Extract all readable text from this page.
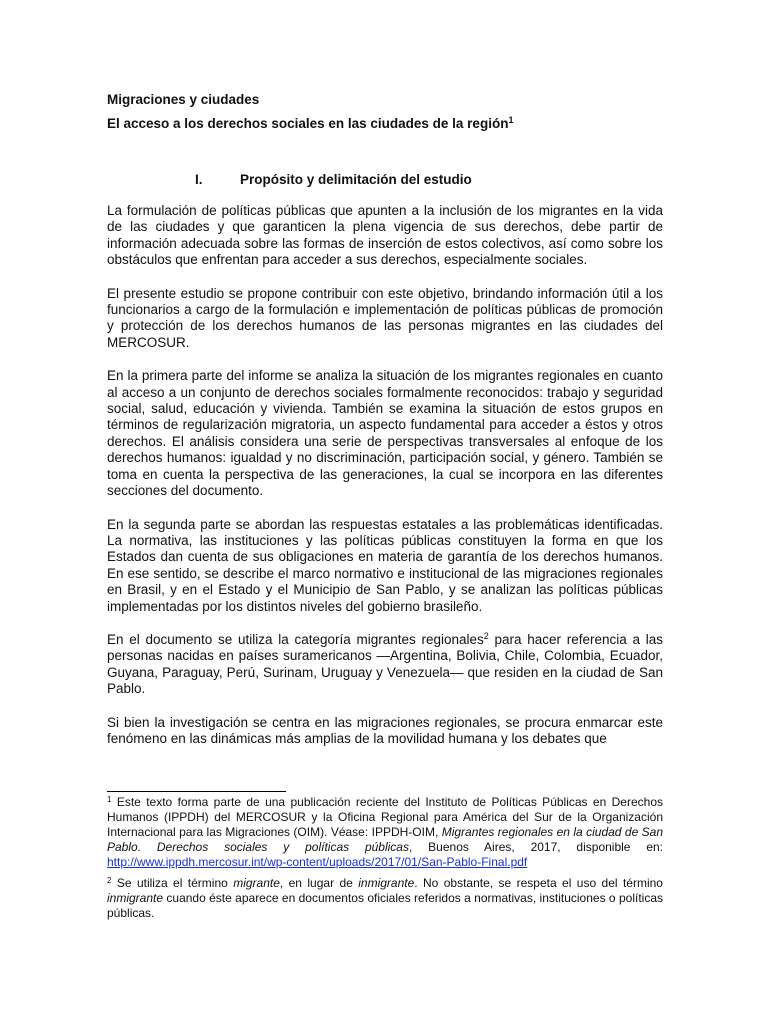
Migraciones y ciudades
El acceso a los derechos sociales en las ciudades de la región$^1$
I.	Propósito y delimitación del estudio

La formulación de políticas públicas que apunten a la inclusión de los migrantes en la vida de las ciudades y que garanticen la plena vigencia de sus derechos, debe partir de información adecuada sobre las formas de inserción de estos colectivos, así como sobre los obstáculos que enfrentan para acceder a sus derechos, especialmente sociales.

El presente estudio se propone contribuir con este objetivo, brindando información útil a los funcionarios a cargo de la formulación e implementación de políticas públicas de promoción y protección de los derechos humanos de las personas migrantes en las ciudades del MERCOSUR.

En la primera parte del informe se analiza la situación de los migrantes regionales en cuanto al acceso a un conjunto de derechos sociales formalmente reconocidos: trabajo y seguridad social, salud, educación y vivienda. También se examina la situación de estos grupos en términos de regularización migratoria, un aspecto fundamental para acceder a éstos y otros derechos. El análisis considera una serie de perspectivas transversales al enfoque de los derechos humanos: igualdad y no discriminación, participación social, y género. También se toma en cuenta la perspectiva de las generaciones, la cual se incorpora en las diferentes secciones del documento.

En la segunda parte se abordan las respuestas estatales a las problemáticas identificadas. La normativa, las instituciones y las políticas públicas constituyen la forma en que los Estados dan cuenta de sus obligaciones en materia de garantía de los derechos humanos. En ese sentido, se describe el marco normativo e institucional de las migraciones regionales en Brasil, y en el Estado y el Municipio de San Pablo, y se analizan las políticas públicas implementadas por los distintos niveles del gobierno brasileño.

En el documento se utiliza la categoría migrantes regionales$^2$ para hacer referencia a las personas nacidas en países suramericanos —Argentina, Bolivia, Chile, Colombia, Ecuador, Guyana, Paraguay, Perú, Surinam, Uruguay y Venezuela— que residen en la ciudad de San Pablo.

Si bien la investigación se centra en las migraciones regionales, se procura enmarcar este fenómeno en las dinámicas más amplias de la movilidad humana y los debates que

$^1$ Este texto forma parte de una publicación reciente del Instituto de Políticas Públicas en Derechos Humanos (IPPDH) del MERCOSUR y la Oficina Regional para América del Sur de la Organización Internacional para las Migraciones (OIM). Véase: IPPDH-OIM, Migrantes regionales en la ciudad de San Pablo. Derechos sociales y políticas públicas, Buenos Aires, 2017, disponible en: http://www.ippdh.mercosur.int/wp-content/uploads/2017/01/San-Pablo-Final.pdf

$^2$ Se utiliza el término migrante, en lugar de inmigrante. No obstante, se respeta el uso del término inmigrante cuando éste aparece en documentos oficiales referidos a normativas, instituciones o políticas públicas.
